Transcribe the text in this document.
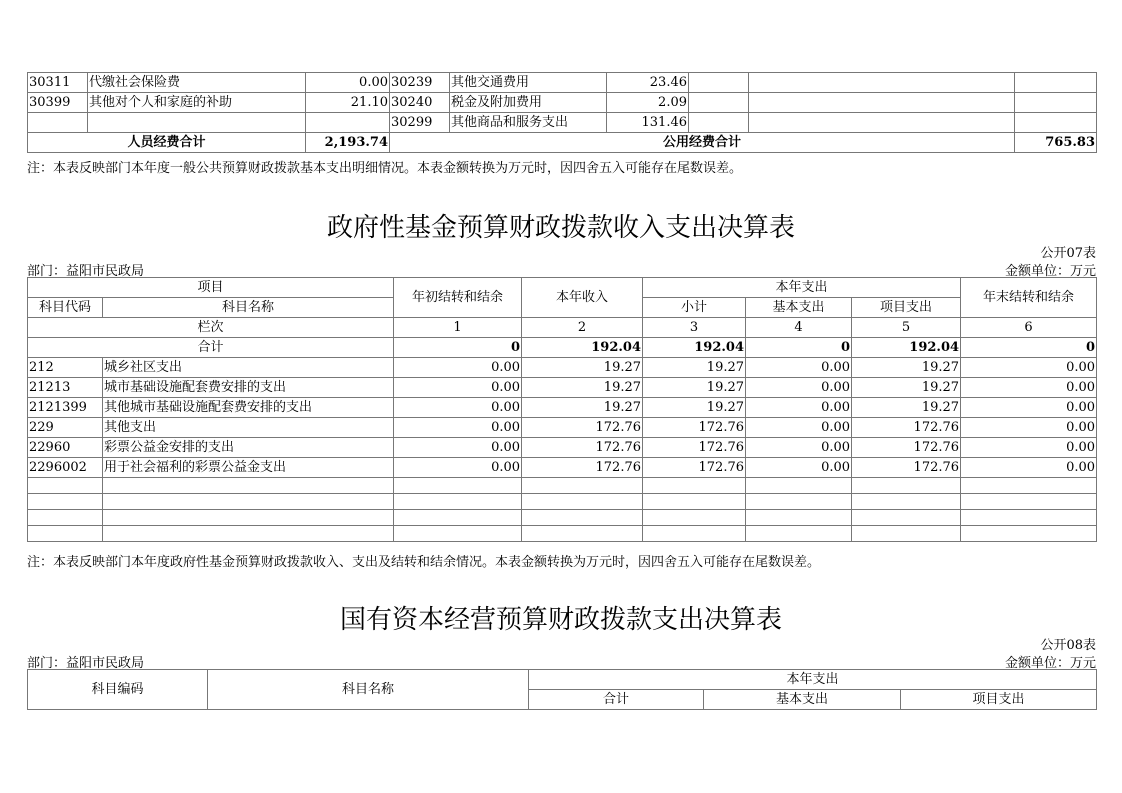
30311	代缴社会保险费	0.00	30239	其他交通费用	23.46			
30399	其他对个人和家庭的补助	21.10	30240	税金及附加费用	2.09			
			30299	其他商品和服务支出	131.46			
人员经费合计		2,193.74	公用经费合计					765.83
注：本表反映部门本年度一般公共预算财政拨款基本支出明细情况。本表金额转换为万元时，因四舍五入可能存在尾数误差。
政府性基金预算财政拨款收入支出决算表
公开07表
部门：益阳市民政局	金额单位：万元
项目		年初结转和结余	本年收入	本年支出			年末结转和结余
科目代码	科目名称			小计	基本支出	项目支出	
栏次		1	2	3	4	5	6
合计		0	192.04	192.04	0	192.04	0
212	城乡社区支出	0.00	19.27	19.27	0.00	19.27	0.00
21213	城市基础设施配套费安排的支出	0.00	19.27	19.27	0.00	19.27	0.00
2121399	其他城市基础设施配套费安排的支出	0.00	19.27	19.27	0.00	19.27	0.00
229	其他支出	0.00	172.76	172.76	0.00	172.76	0.00
22960	彩票公益金安排的支出	0.00	172.76	172.76	0.00	172.76	0.00
2296002	用于社会福利的彩票公益金支出	0.00	172.76	172.76	0.00	172.76	0.00

注：本表反映部门本年度政府性基金预算财政拨款收入、支出及结转和结余情况。本表金额转换为万元时，因四舍五入可能存在尾数误差。
国有资本经营预算财政拨款支出决算表
公开08表
部门：益阳市民政局	金额单位：万元
科目编码	科目名称	本年支出		
		合计	基本支出	项目支出
